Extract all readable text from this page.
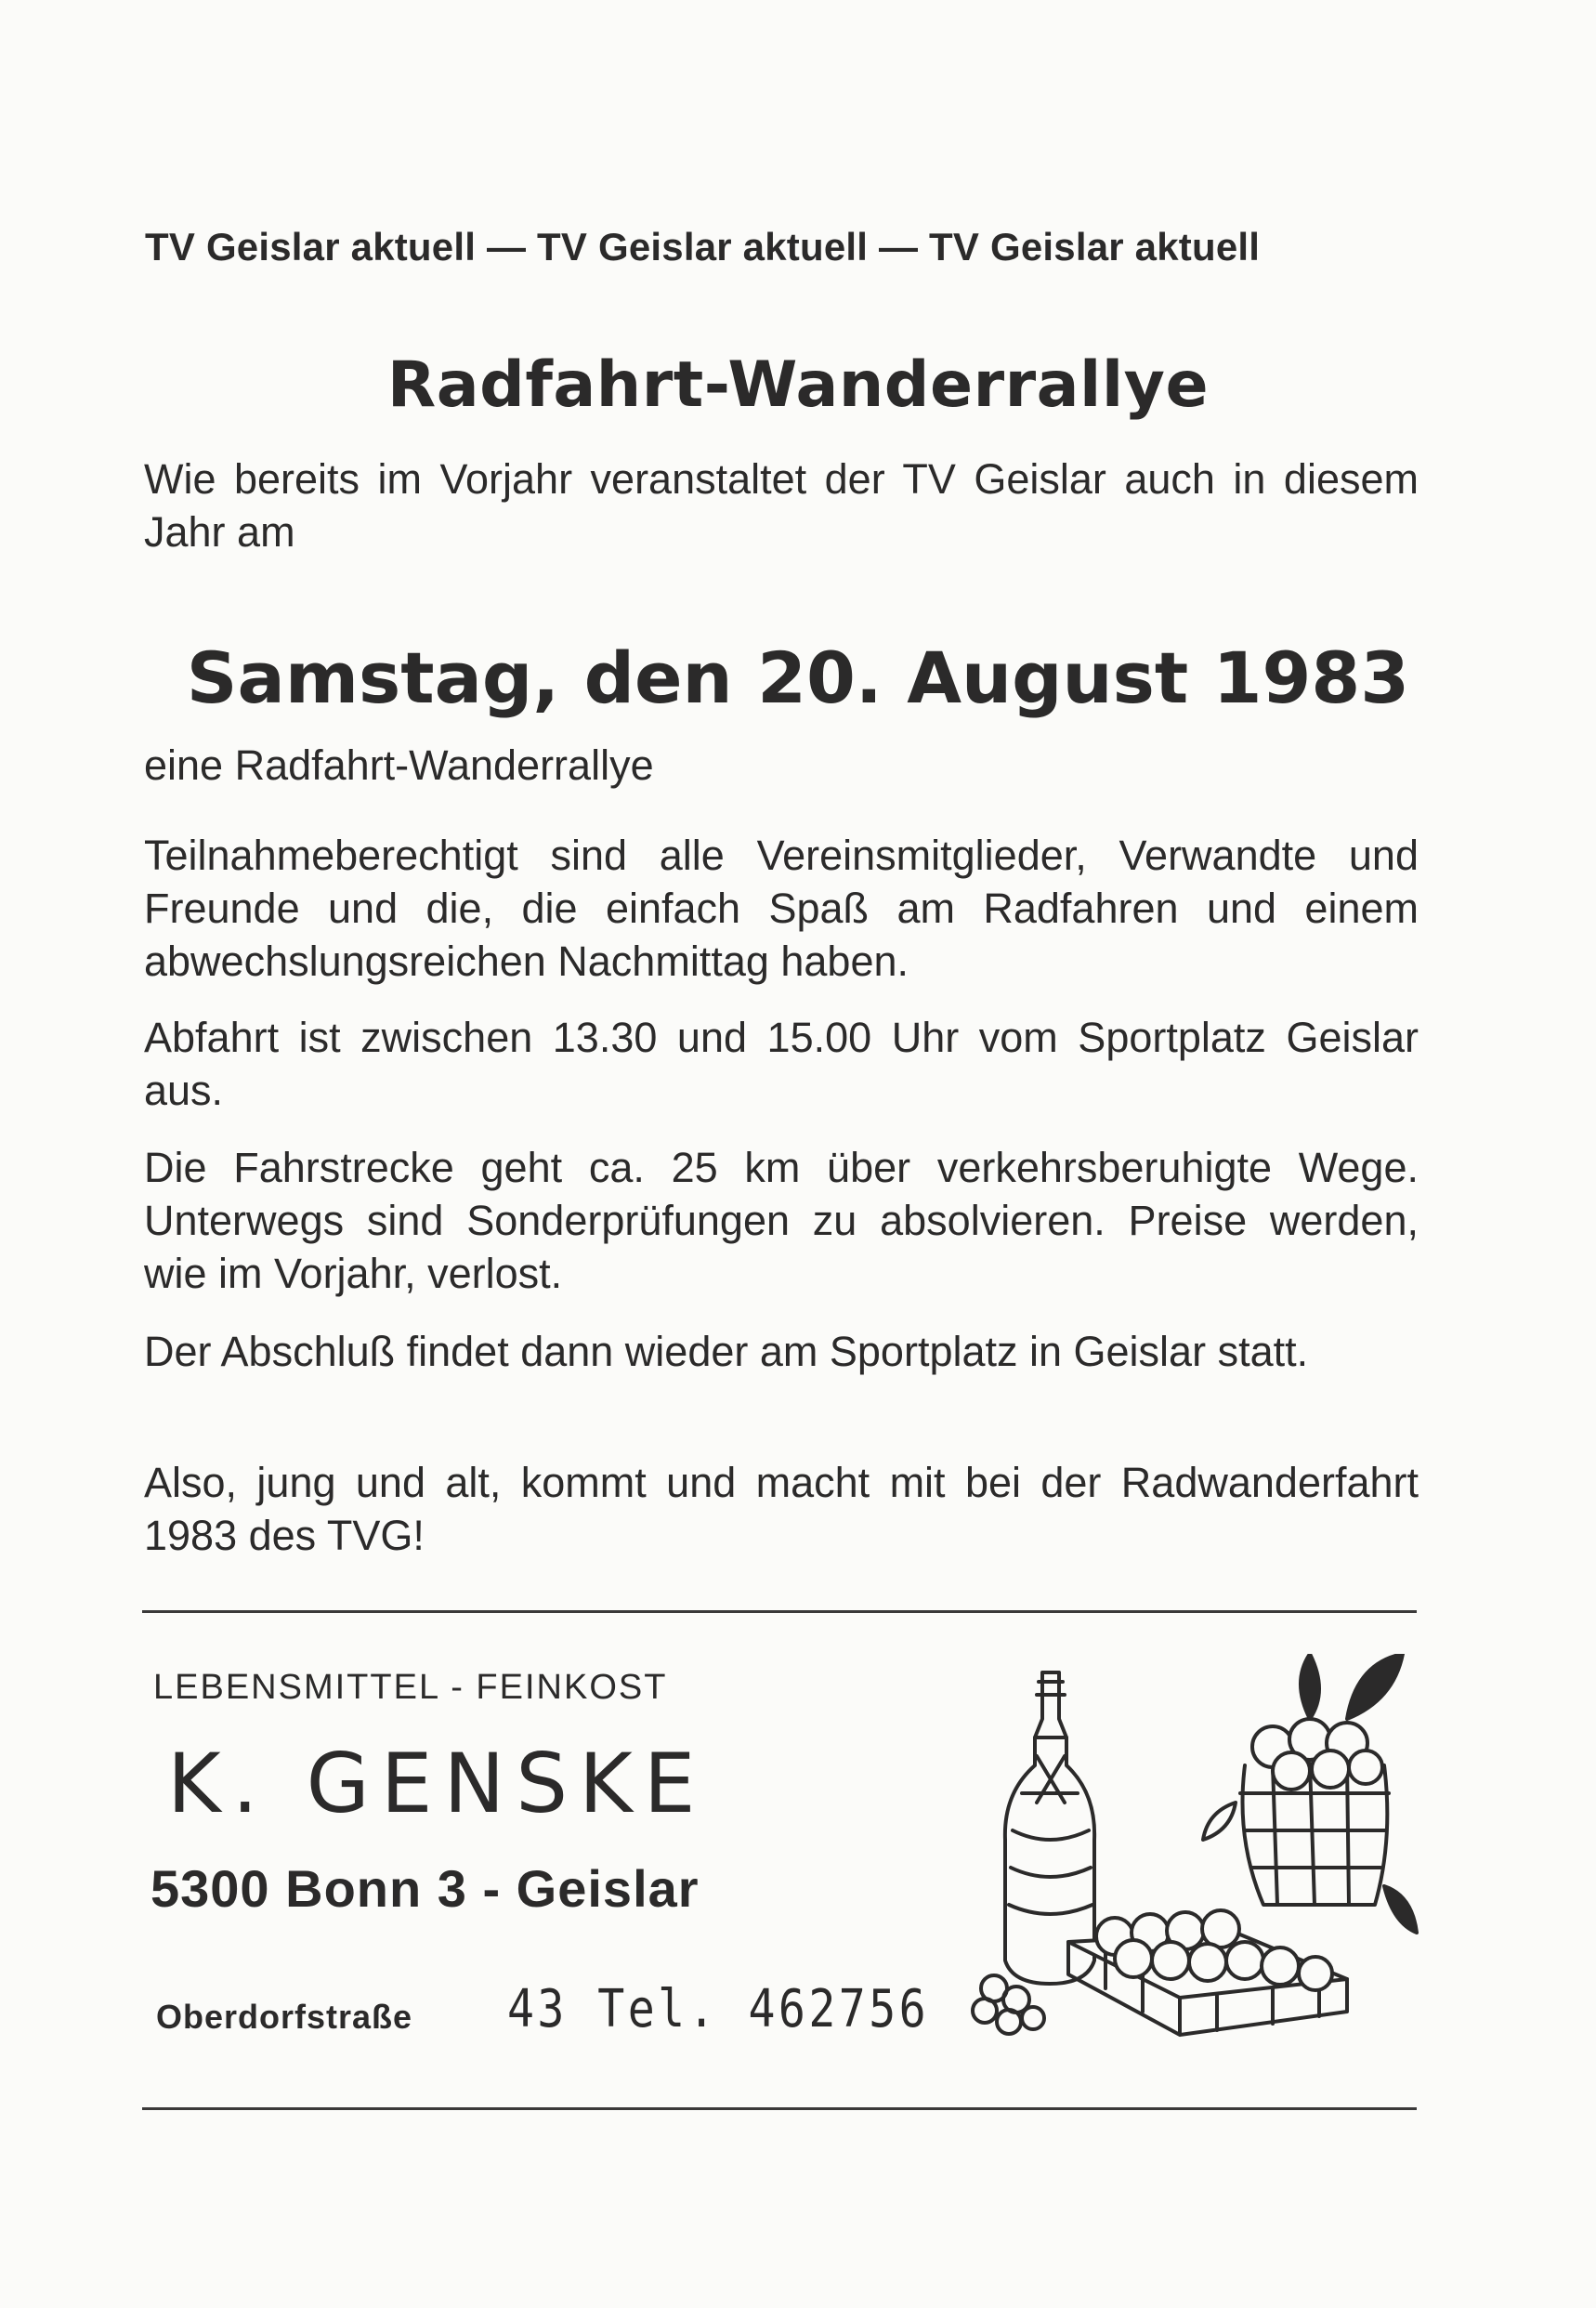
TV Geislar aktuell — TV Geislar aktuell — TV Geislar aktuell
Radfahrt-Wanderrallye

Wie bereits im Vorjahr veranstaltet der TV Geislar auch in diesem Jahr am

Samstag, den 20. August 1983

eine Radfahrt-Wanderrallye

Teilnahmeberechtigt sind alle Vereinsmitglieder, Verwandte und Freunde und die, die einfach Spaß am Radfahren und einem abwechslungsreichen Nachmittag haben.

Abfahrt ist zwischen 13.30 und 15.00 Uhr vom Sportplatz Geislar aus.

Die Fahrstrecke geht ca. 25 km über verkehrsberuhigte Wege. Unterwegs sind Sonderprüfungen zu absolvieren. Preise werden, wie im Vorjahr, verlost.

Der Abschluß findet dann wieder am Sportplatz in Geislar statt.

Also, jung und alt, kommt und macht mit bei der Radwanderfahrt 1983 des TVG!

LEBENSMITTEL - FEINKOST
K. GENSKE
5300 Bonn 3 - Geislar
Oberdorfstraße 43 Tel. 462756
